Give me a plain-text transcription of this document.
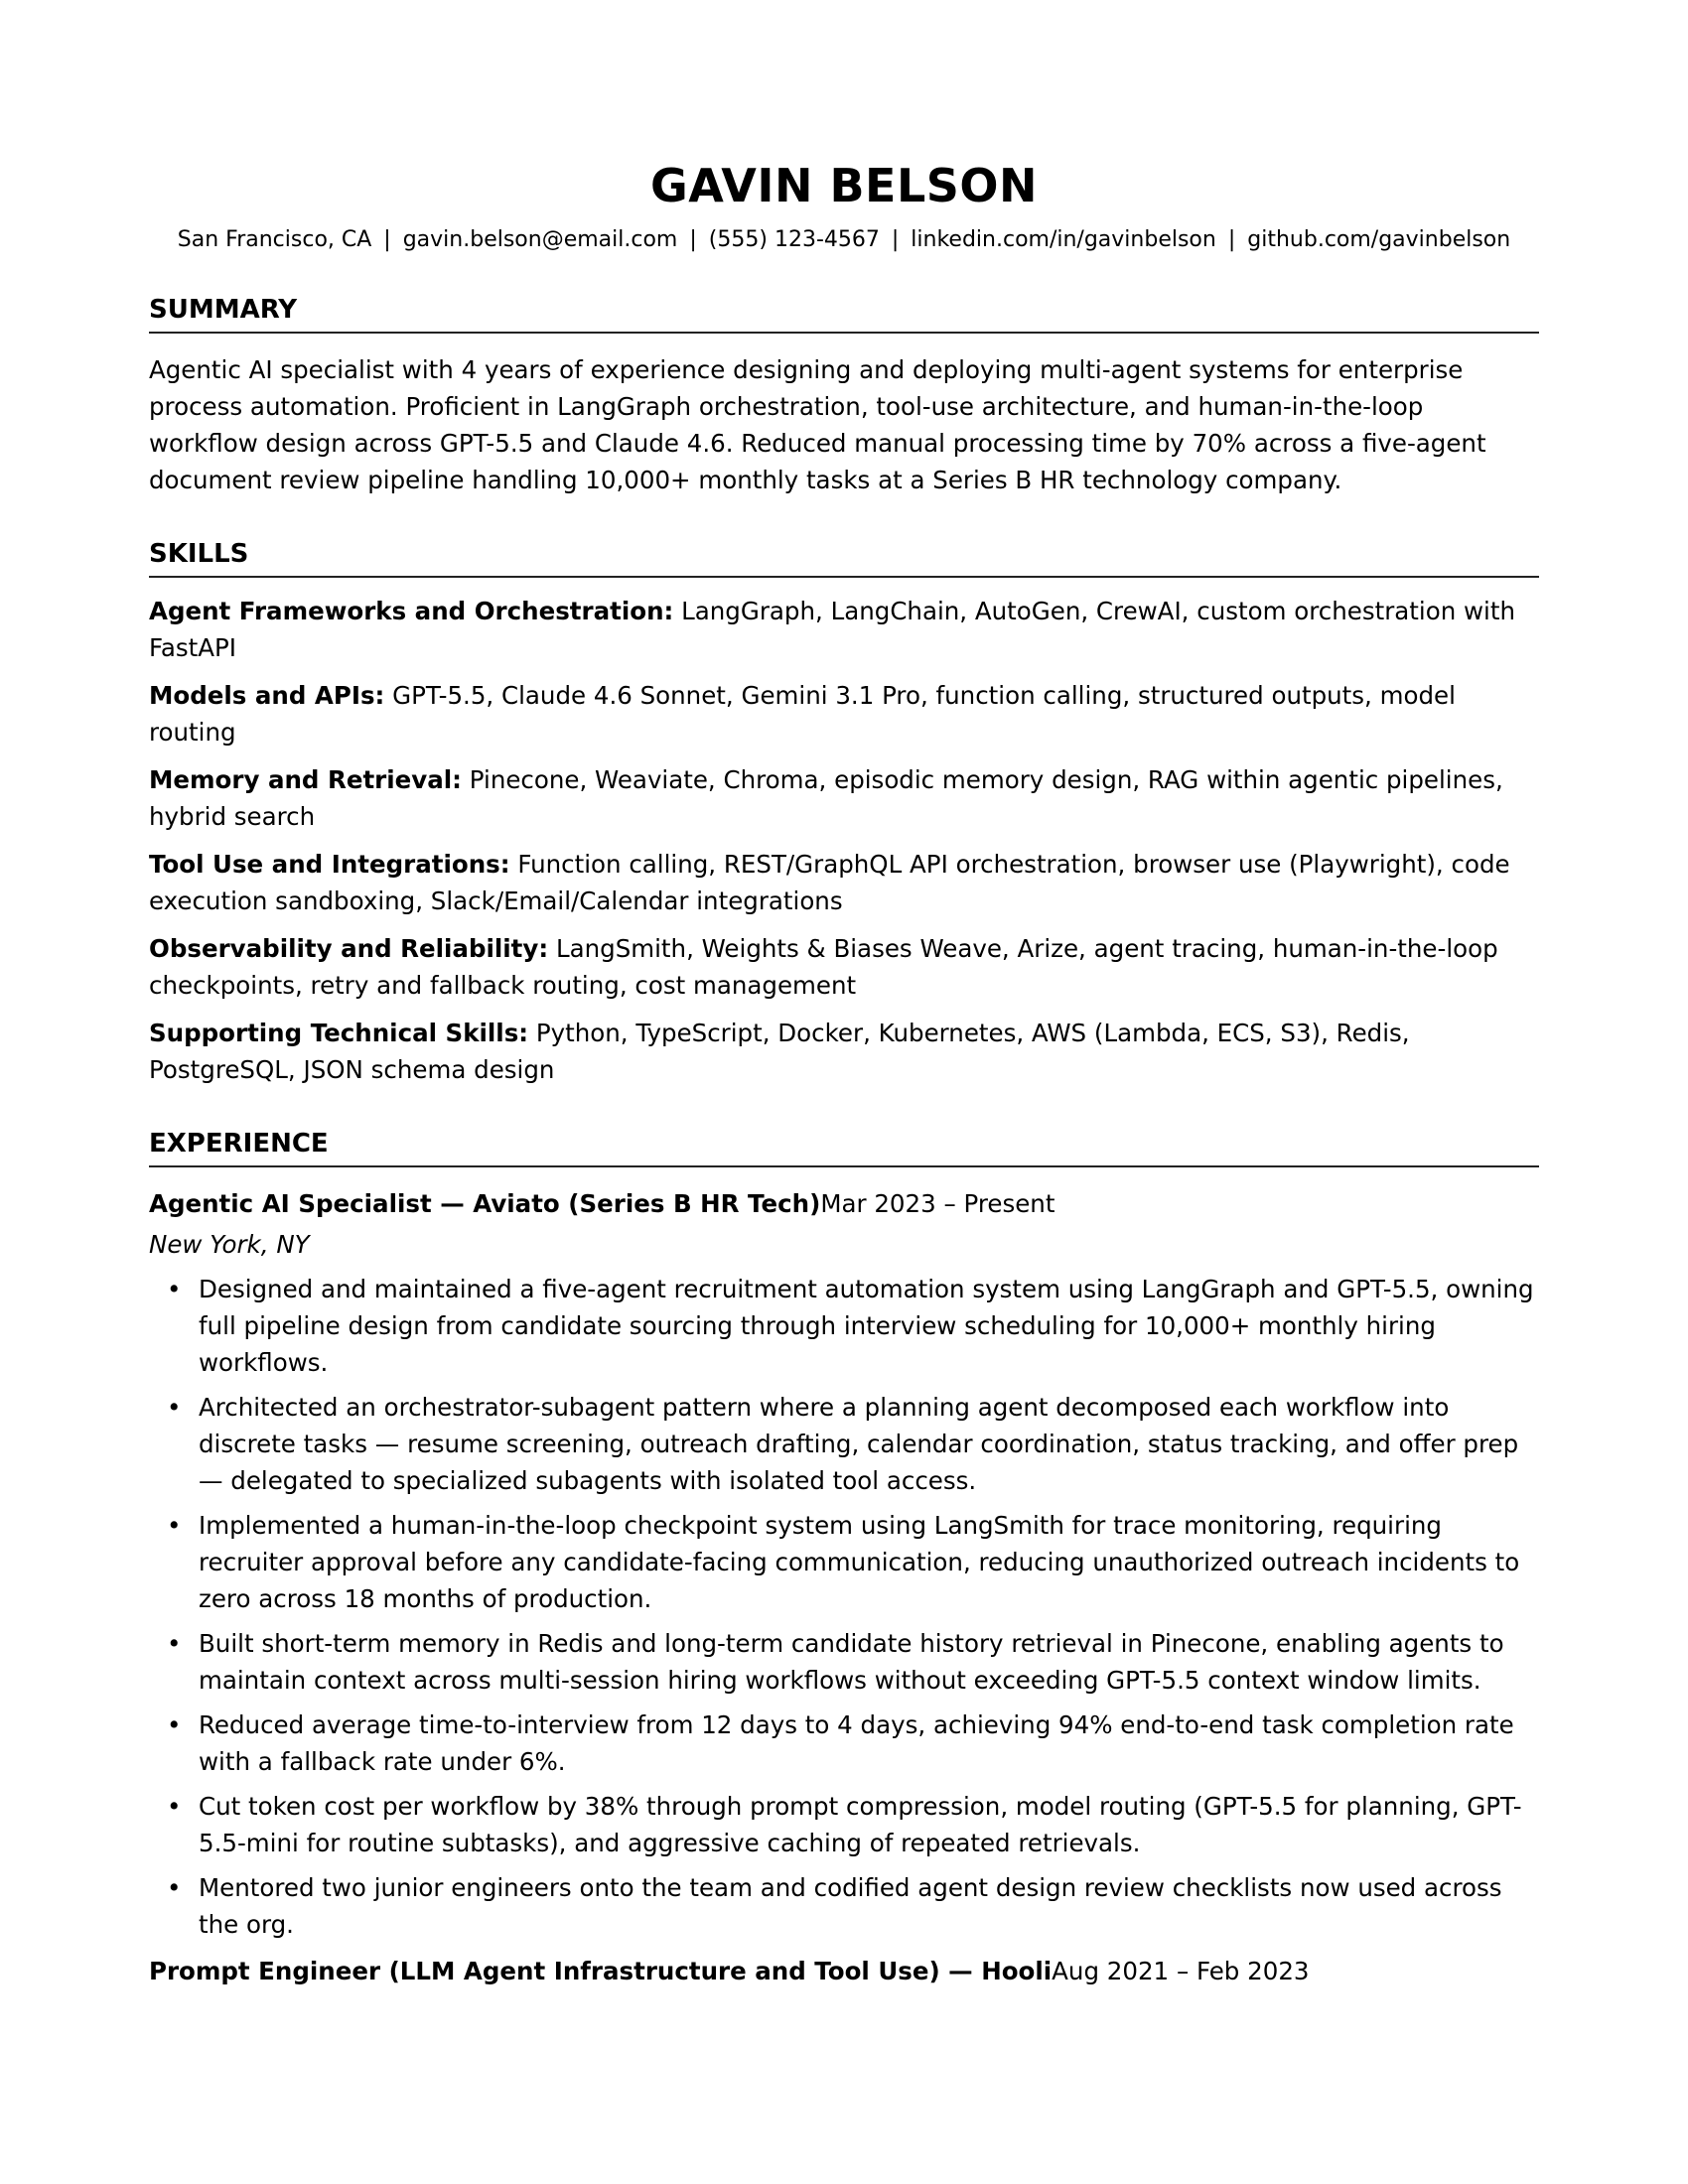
GAVIN BELSON
San Francisco, CA | gavin.belson@email.com | (555) 123-4567 | linkedin.com/in/gavinbelson | github.com/gavinbelson
SUMMARY
Agentic AI specialist with 4 years of experience designing and deploying multi-agent systems for enterprise process automation. Proficient in LangGraph orchestration, tool-use architecture, and human-in-the-loop workflow design across GPT-5.5 and Claude 4.6. Reduced manual processing time by 70% across a five-agent document review pipeline handling 10,000+ monthly tasks at a Series B HR technology company.
SKILLS
Agent Frameworks and Orchestration: LangGraph, LangChain, AutoGen, CrewAI, custom orchestration with FastAPI
Models and APIs: GPT-5.5, Claude 4.6 Sonnet, Gemini 3.1 Pro, function calling, structured outputs, model routing
Memory and Retrieval: Pinecone, Weaviate, Chroma, episodic memory design, RAG within agentic pipelines, hybrid search
Tool Use and Integrations: Function calling, REST/GraphQL API orchestration, browser use (Playwright), code execution sandboxing, Slack/Email/Calendar integrations
Observability and Reliability: LangSmith, Weights & Biases Weave, Arize, agent tracing, human-in-the-loop checkpoints, retry and fallback routing, cost management
Supporting Technical Skills: Python, TypeScript, Docker, Kubernetes, AWS (Lambda, ECS, S3), Redis, PostgreSQL, JSON schema design
EXPERIENCE
Agentic AI Specialist — Aviato (Series B HR Tech)Mar 2023 – Present
New York, NY
• Designed and maintained a five-agent recruitment automation system using LangGraph and GPT-5.5, owning full pipeline design from candidate sourcing through interview scheduling for 10,000+ monthly hiring workflows.
• Architected an orchestrator-subagent pattern where a planning agent decomposed each workflow into discrete tasks — resume screening, outreach drafting, calendar coordination, status tracking, and offer prep — delegated to specialized subagents with isolated tool access.
• Implemented a human-in-the-loop checkpoint system using LangSmith for trace monitoring, requiring recruiter approval before any candidate-facing communication, reducing unauthorized outreach incidents to zero across 18 months of production.
• Built short-term memory in Redis and long-term candidate history retrieval in Pinecone, enabling agents to maintain context across multi-session hiring workflows without exceeding GPT-5.5 context window limits.
• Reduced average time-to-interview from 12 days to 4 days, achieving 94% end-to-end task completion rate with a fallback rate under 6%.
• Cut token cost per workflow by 38% through prompt compression, model routing (GPT-5.5 for planning, GPT-5.5-mini for routine subtasks), and aggressive caching of repeated retrievals.
• Mentored two junior engineers onto the team and codified agent design review checklists now used across the org.
Prompt Engineer (LLM Agent Infrastructure and Tool Use) — HooliAug 2021 – Feb 2023
